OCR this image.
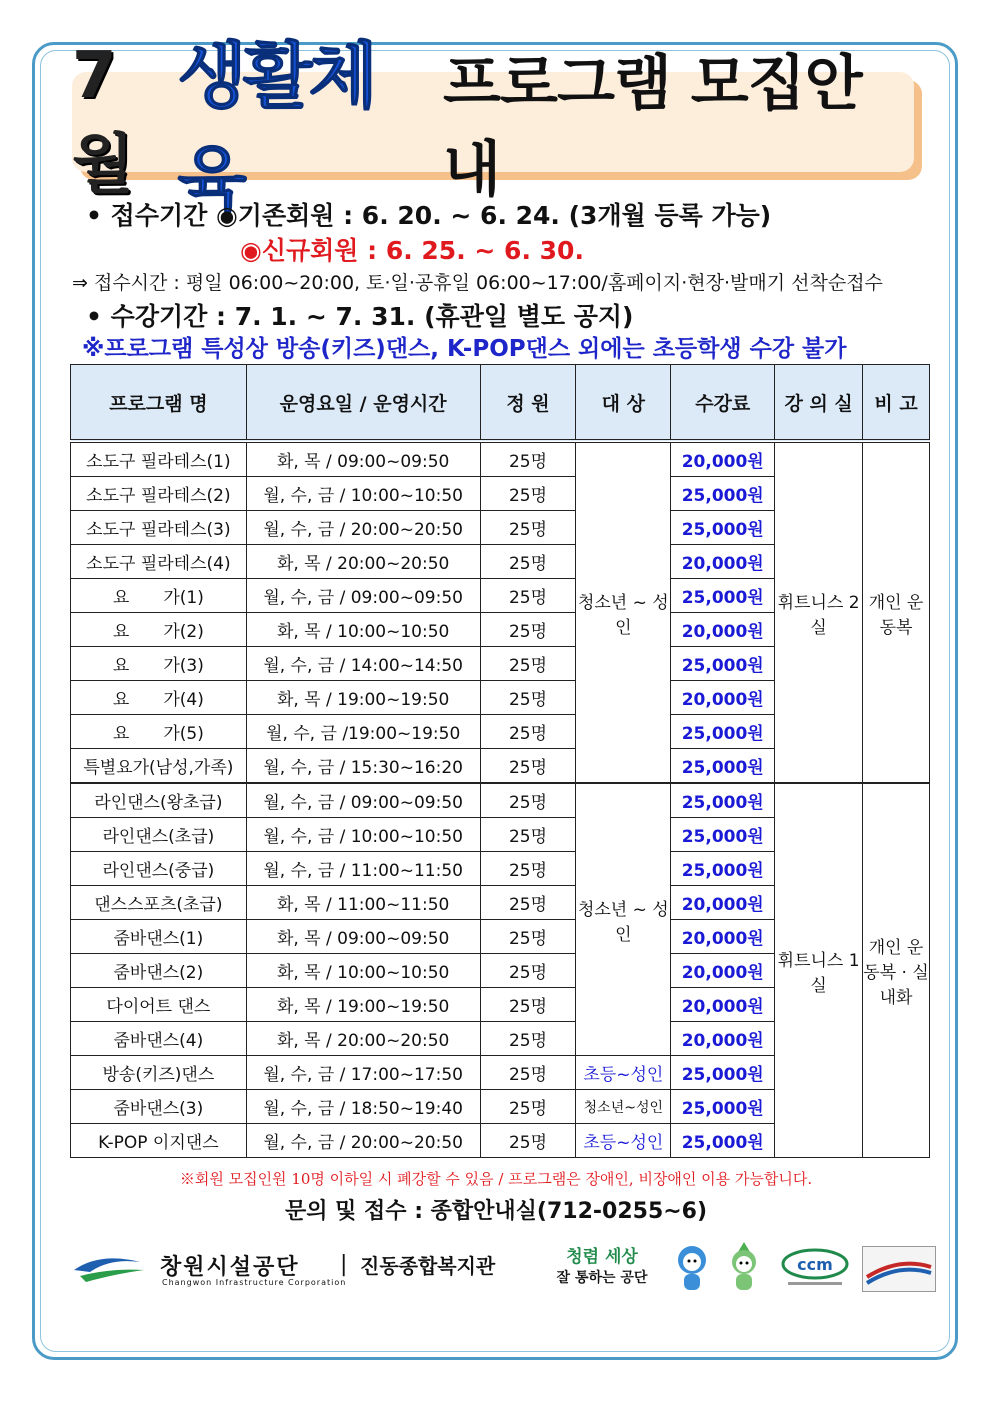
7월
생활체육
프로그램 모집안내
• 접수기간 ◉기존회원 : 6. 20. ~ 6. 24. (3개월 등록 가능)
◉신규회원 : 6. 25. ~ 6. 30.
⇒ 접수시간 : 평일 06:00~20:00, 토·일·공휴일 06:00~17:00/홈페이지·현장·발매기 선착순접수
• 수강기간 : 7. 1. ~ 7. 31. (휴관일 별도 공지)
※프로그램 특성상 방송(키즈)댄스, K-POP댄스 외에는 초등학생 수강 불가
프로그램 명	운영요일 / 운영시간	정 원	대 상	수강료	강 의 실	비 고
소도구 필라테스(1)	화, 목 / 09:00~09:50	25명	청소년 ~ 성인	20,000원	휘트니스 2실	개인 운동복
소도구 필라테스(2)	월, 수, 금 / 10:00~10:50	25명		25,000원		
소도구 필라테스(3)	월, 수, 금 / 20:00~20:50	25명		25,000원		
소도구 필라테스(4)	화, 목 / 20:00~20:50	25명		20,000원		
요　　가(1)	월, 수, 금 / 09:00~09:50	25명		25,000원		
요　　가(2)	화, 목 / 10:00~10:50	25명		20,000원		
요　　가(3)	월, 수, 금 / 14:00~14:50	25명		25,000원		
요　　가(4)	화, 목 / 19:00~19:50	25명		20,000원		
요　　가(5)	월, 수, 금 /19:00~19:50	25명		25,000원		
특별요가(남성,가족)	월, 수, 금 / 15:30~16:20	25명		25,000원		
라인댄스(왕초급)	월, 수, 금 / 09:00~09:50	25명	청소년 ~ 성인	25,000원	휘트니스 1실	개인 운동복 · 실내화
라인댄스(초급)	월, 수, 금 / 10:00~10:50	25명		25,000원		
라인댄스(중급)	월, 수, 금 / 11:00~11:50	25명		25,000원		
댄스스포츠(초급)	화, 목 / 11:00~11:50	25명		20,000원		
줌바댄스(1)	화, 목 / 09:00~09:50	25명		20,000원		
줌바댄스(2)	화, 목 / 10:00~10:50	25명		20,000원		
다이어트 댄스	화, 목 / 19:00~19:50	25명		20,000원		
줌바댄스(4)	화, 목 / 20:00~20:50	25명		20,000원		
방송(키즈)댄스	월, 수, 금 / 17:00~17:50	25명	초등~성인	25,000원		
줌바댄스(3)	월, 수, 금 / 18:50~19:40	25명	청소년~성인	25,000원		
K-POP 이지댄스	월, 수, 금 / 20:00~20:50	25명	초등~성인	25,000원		
※회원 모집인원 10명 이하일 시 폐강할 수 있음 / 프로그램은 장애인, 비장애인 이용 가능합니다.
문의 및 접수 : 종합안내실(712-0255~6)
창원시설공단
Changwon Infrastructure Corporation
| 진동종합복지관	청렴 세상
잘 통하는 공단
ccm
